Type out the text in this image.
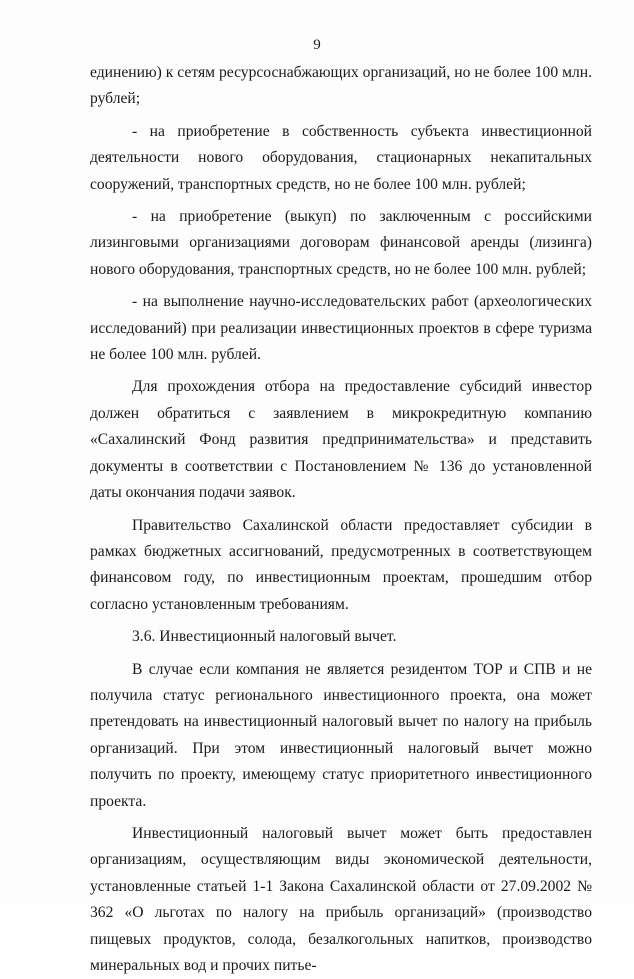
9

единению) к сетям ресурсоснабжающих организаций, но не более 100 млн. рублей;

- на приобретение в собственность субъекта инвестиционной деятельности нового оборудования, стационарных некапитальных сооружений, транспортных средств, но не более 100 млн. рублей;

- на приобретение (выкуп) по заключенным с российскими лизинговыми организациями договорам финансовой аренды (лизинга) нового оборудования, транспортных средств, но не более 100 млн. рублей;

- на выполнение научно-исследовательских работ (археологических исследований) при реализации инвестиционных проектов в сфере туризма не более 100 млн. рублей.

Для прохождения отбора на предоставление субсидий инвестор должен обратиться с заявлением в микрокредитную компанию «Сахалинский Фонд развития предпринимательства» и представить документы в соответствии с Постановлением № 136 до установленной даты окончания подачи заявок.

Правительство Сахалинской области предоставляет субсидии в рамках бюджетных ассигнований, предусмотренных в соответствующем финансовом году, по инвестиционным проектам, прошедшим отбор согласно установленным требованиям.

3.6. Инвестиционный налоговый вычет.

В случае если компания не является резидентом ТОР и СПВ и не получила статус регионального инвестиционного проекта, она может претендовать на инвестиционный налоговый вычет по налогу на прибыль организаций. При этом инвестиционный налоговый вычет можно получить по проекту, имеющему статус приоритетного инвестиционного проекта.

Инвестиционный налоговый вычет может быть предоставлен организациям, осуществляющим виды экономической деятельности, установленные статьей 1-1 Закона Сахалинской области от 27.09.2002 № 362 «О льготах по налогу на прибыль организаций» (производство пищевых продуктов, солода, безалкогольных напитков, производство минеральных вод и прочих питье-
